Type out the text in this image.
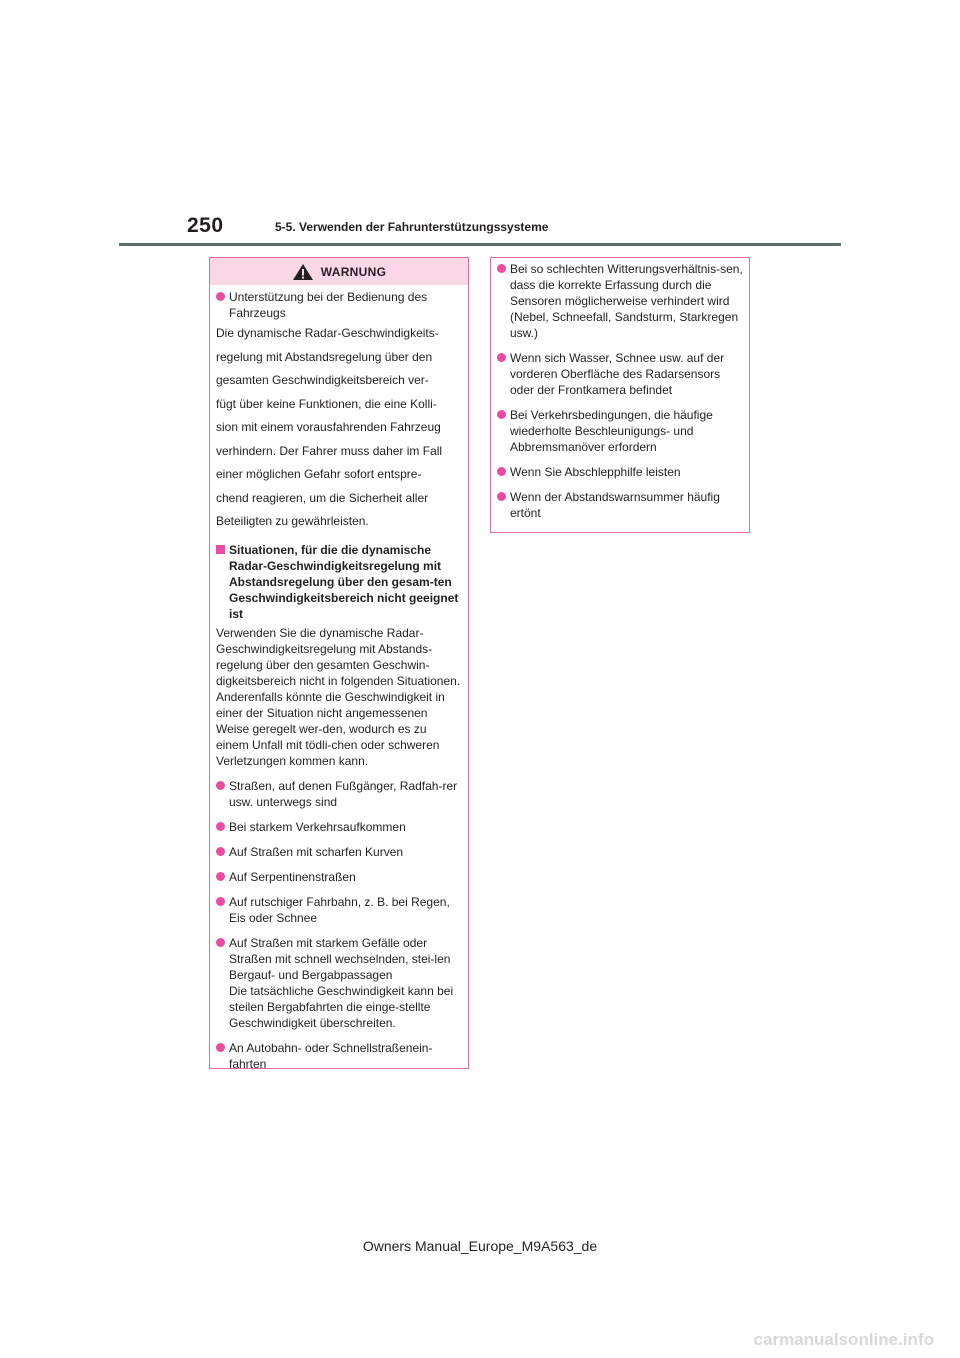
250	5-5. Verwenden der Fahrunterstützungssysteme
WARNUNG
Unterstützung bei der Bedienung des Fahrzeugs
Die dynamische Radar-Geschwindigkeits-
regelung mit Abstandsregelung über den
gesamten Geschwindigkeitsbereich ver-
fügt über keine Funktionen, die eine Kolli-
sion mit einem vorausfahrenden Fahrzeug
verhindern. Der Fahrer muss daher im Fall
einer möglichen Gefahr sofort entspre-
chend reagieren, um die Sicherheit aller
Beteiligten zu gewährleisten.
Situationen, für die die dynamische Radar-Geschwindigkeitsregelung mit Abstandsregelung über den gesam-ten Geschwindigkeitsbereich nicht geeignet ist
Verwenden Sie die dynamische Radar-Geschwindigkeitsregelung mit Abstands-regelung über den gesamten Geschwin-digkeitsbereich nicht in folgenden Situationen. Anderenfalls könnte die Geschwindigkeit in einer der Situation nicht angemessenen Weise geregelt wer-den, wodurch es zu einem Unfall mit tödli-chen oder schweren Verletzungen kommen kann.
Straßen, auf denen Fußgänger, Radfah-rer usw. unterwegs sind
Bei starkem Verkehrsaufkommen
Auf Straßen mit scharfen Kurven
Auf Serpentinenstraßen
Auf rutschiger Fahrbahn, z. B. bei Regen, Eis oder Schnee
Auf Straßen mit starkem Gefälle oder Straßen mit schnell wechselnden, stei-len Bergauf- und Bergabpassagen
Die tatsächliche Geschwindigkeit kann bei steilen Bergabfahrten die einge-stellte Geschwindigkeit überschreiten.
An Autobahn- oder Schnellstraßenein-fahrten
Bei so schlechten Witterungsverhältnis-sen, dass die korrekte Erfassung durch die Sensoren möglicherweise verhindert wird (Nebel, Schneefall, Sandsturm, Starkregen usw.)
Wenn sich Wasser, Schnee usw. auf der vorderen Oberfläche des Radarsensors oder der Frontkamera befindet
Bei Verkehrsbedingungen, die häufige wiederholte Beschleunigungs- und Abbremsmanöver erfordern
Wenn Sie Abschlepphilfe leisten
Wenn der Abstandswarnsummer häufig ertönt
Owners Manual_Europe_M9A563_de
carmanualsonline.info
